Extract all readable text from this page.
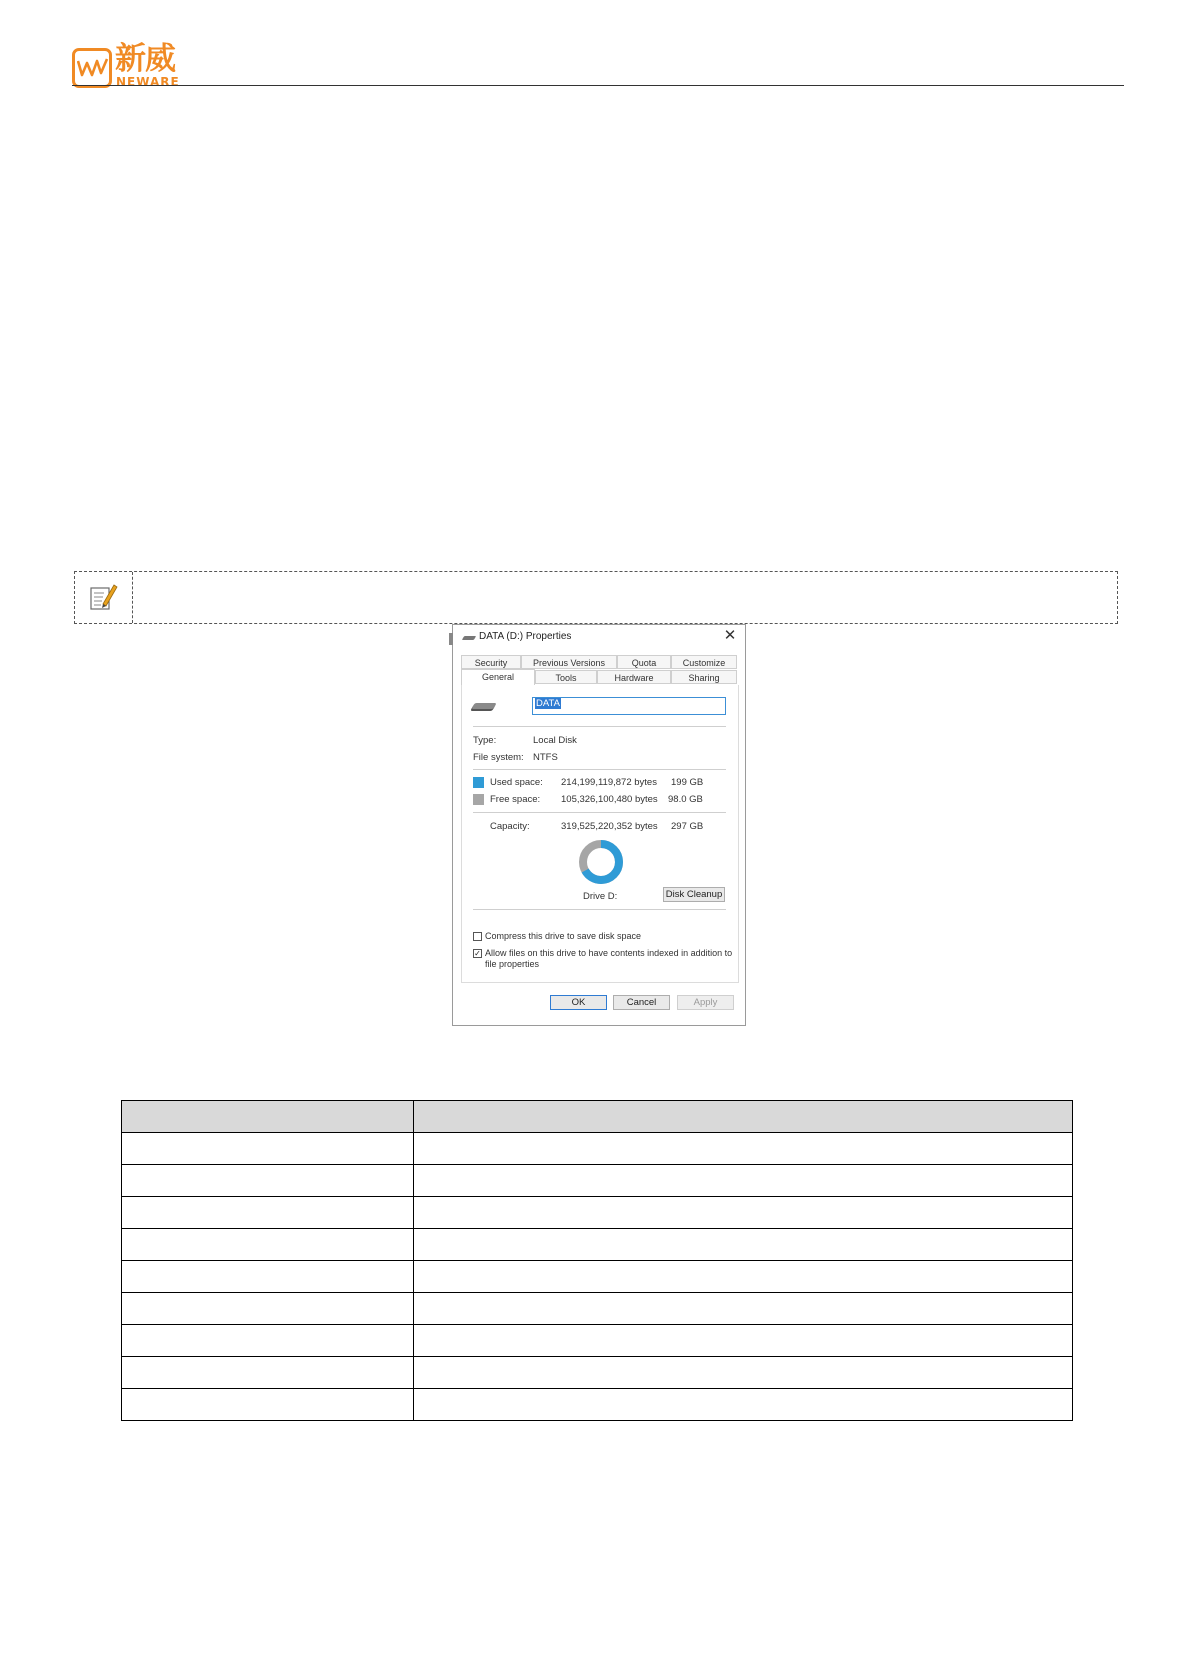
新威
NEWARE
DATA (D:) Properties	✕
Security	Previous Versions	Quota	Customize
General	Tools	Hardware	Sharing
DATA
Type:	Local Disk
File system: NTFS
Used space: 214,199,119,872 bytes 199 GB
Free space: 105,326,100,480 bytes 98.0 GB
Capacity:	319,525,220,352 bytes 297 GB
Drive D:	Disk Cleanup
Compress this drive to save disk space
✓ Allow files on this drive to have contents indexed in addition to
file properties
OK	Cancel	Apply
